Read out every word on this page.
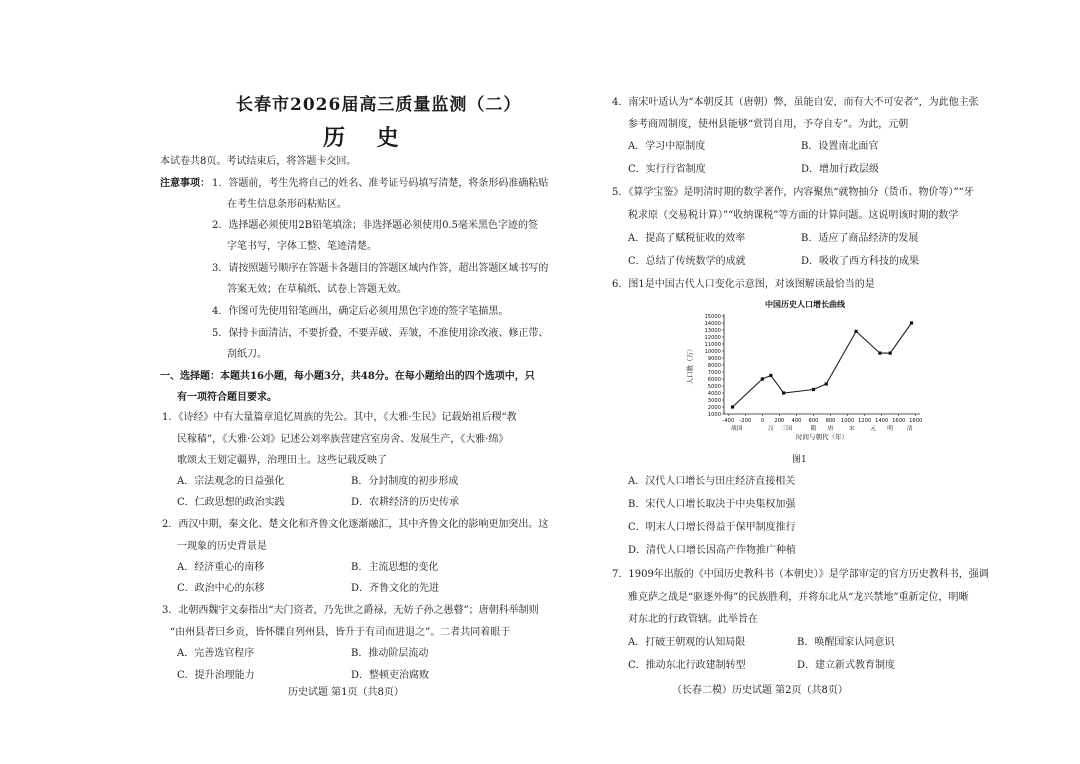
长春市2026届高三质量监测（二）
历 史
本试卷共8页。考试结束后，将答题卡交回。
注意事项： 1．答题前，考生先将自己的姓名、准考证号码填写清楚，将条形码准确粘贴
在考生信息条形码粘贴区。
2．选择题必须使用2B铅笔填涂；非选择题必须使用0.5毫米黑色字迹的签
字笔书写，字体工整、笔迹清楚。
3．请按照题号顺序在答题卡各题目的答题区域内作答，超出答题区域书写的
答案无效；在草稿纸、试卷上答题无效。
4．作图可先使用铅笔画出，确定后必须用黑色字迹的签字笔描黑。
5．保持卡面清洁，不要折叠，不要弄破、弄皱，不准使用涂改液、修正带、
刮纸刀。
一、选择题：本题共16小题，每小题3分，共48分。在每小题给出的四个选项中，只
有一项符合题目要求。
1．《诗经》中有大量篇章追忆周族的先公。其中，《大雅·生民》记载始祖后稷“教
民稼穑”，《大雅·公刘》记述公刘率族营建宫室房舍、发展生产，《大雅·绵》
歌颂太王划定疆界，治理田土。这些记载反映了
A．宗法观念的日益强化	B．分封制度的初步形成
C．仁政思想的政治实践	D．农耕经济的历史传承
2．西汉中期，秦文化、楚文化和齐鲁文化逐渐融汇，其中齐鲁文化的影响更加突出。这
一现象的历史背景是
A．经济重心的南移	B．主流思想的变化
C．政治中心的东移	D．齐鲁文化的先进
3．北朝西魏宇文泰指出“夫门资者，乃先世之爵禄，无妨子孙之愚瞽”；唐朝科举制则
“由州县者曰乡贡，皆怀牒自列州县，皆升于有司而进退之”。二者共同着眼于
A．完善选官程序	B．推动阶层流动
C．提升治理能力	D．整顿吏治腐败
历史试题 第1页（共8页）
4．南宋叶适认为“本朝反其（唐朝）弊，虽能自安，而有大不可安者”，为此他主张
参考商周制度，使州县能够“赏罚自用，予夺自专”。为此，元朝
A．学习中原制度	B．设置南北面官
C．实行行省制度	D．增加行政层级
5．《算学宝鉴》是明清时期的数学著作，内容聚焦“就物抽分（货币、物价等）”“牙
税求原（交易税计算）”“收纳课税”等方面的计算问题。这说明该时期的数学
A．提高了赋税征收的效率	B．适应了商品经济的发展
C．总结了传统数学的成就	D．吸收了西方科技的成果
6．图1是中国古代人口变化示意图，对该图解读最恰当的是
图1
A．汉代人口增长与田庄经济直接相关
B．宋代人口增长取决于中央集权加强
C．明末人口增长得益于保甲制度推行
D．清代人口增长因高产作物推广种植
7．1909年出版的《中国历史教科书（本朝史）》是学部审定的官方历史教科书，强调
雅克萨之战是“驱逐外侮”的民族胜利，并将东北从“龙兴禁地”重新定位，明晰
对东北的行政管辖。此举旨在
A．打破王朝观的认知局限	B．唤醒国家认同意识
C．推动东北行政建制转型	D．建立新式教育制度
（长春二模）历史试题 第2页（共8页）
中国历史人口增长曲线
15000
14000
13000
12000
11000
10000
9000
8000
7000
6000
5000
4000
3000
2000
1000
-400 -200 0 200 400 600 800 1000 1200 1400 1600 1800
战国	汉 三国	隋 唐	宋	元 明 清
人口数（万）
时间与朝代（年）
